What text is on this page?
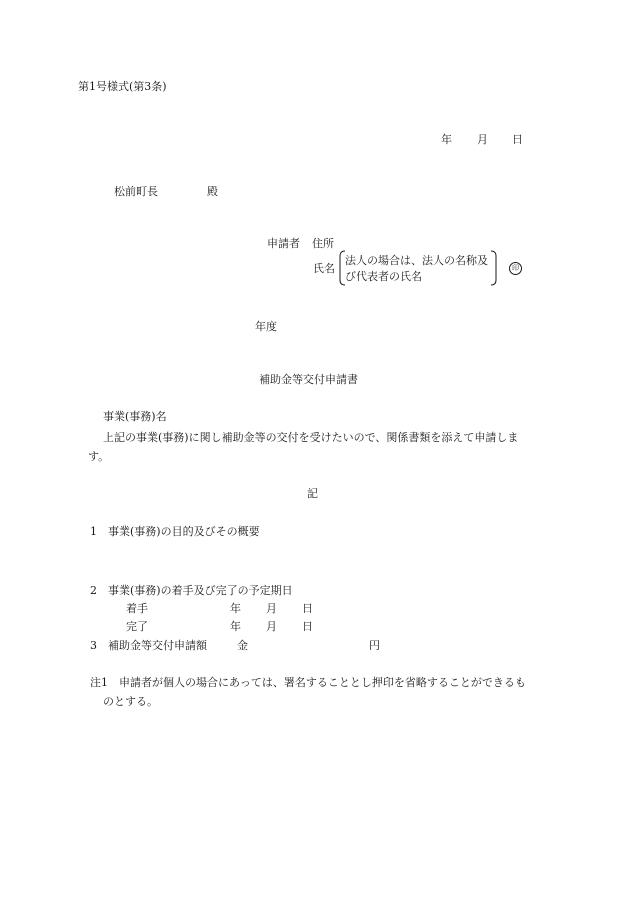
第1号様式(第3条)
年 月 日
松前町長	殿
申請者 住所
氏名
法人の場合は、法人の名称及
び代表者の氏名
印
年度
補助金等交付申請書
事業(事務)名
上記の事業(事務)に関し補助金等の交付を受けたいので、関係書類を添えて申請しま
す。
記
1 事業(事務)の目的及びその概要
2 事業(事務)の着手及び完了の予定期日
着手	年 月 日
完了	年 月 日
3 補助金等交付申請額	金	円
注1 申請者が個人の場合にあっては、署名することとし押印を省略することができるも
のとする。
